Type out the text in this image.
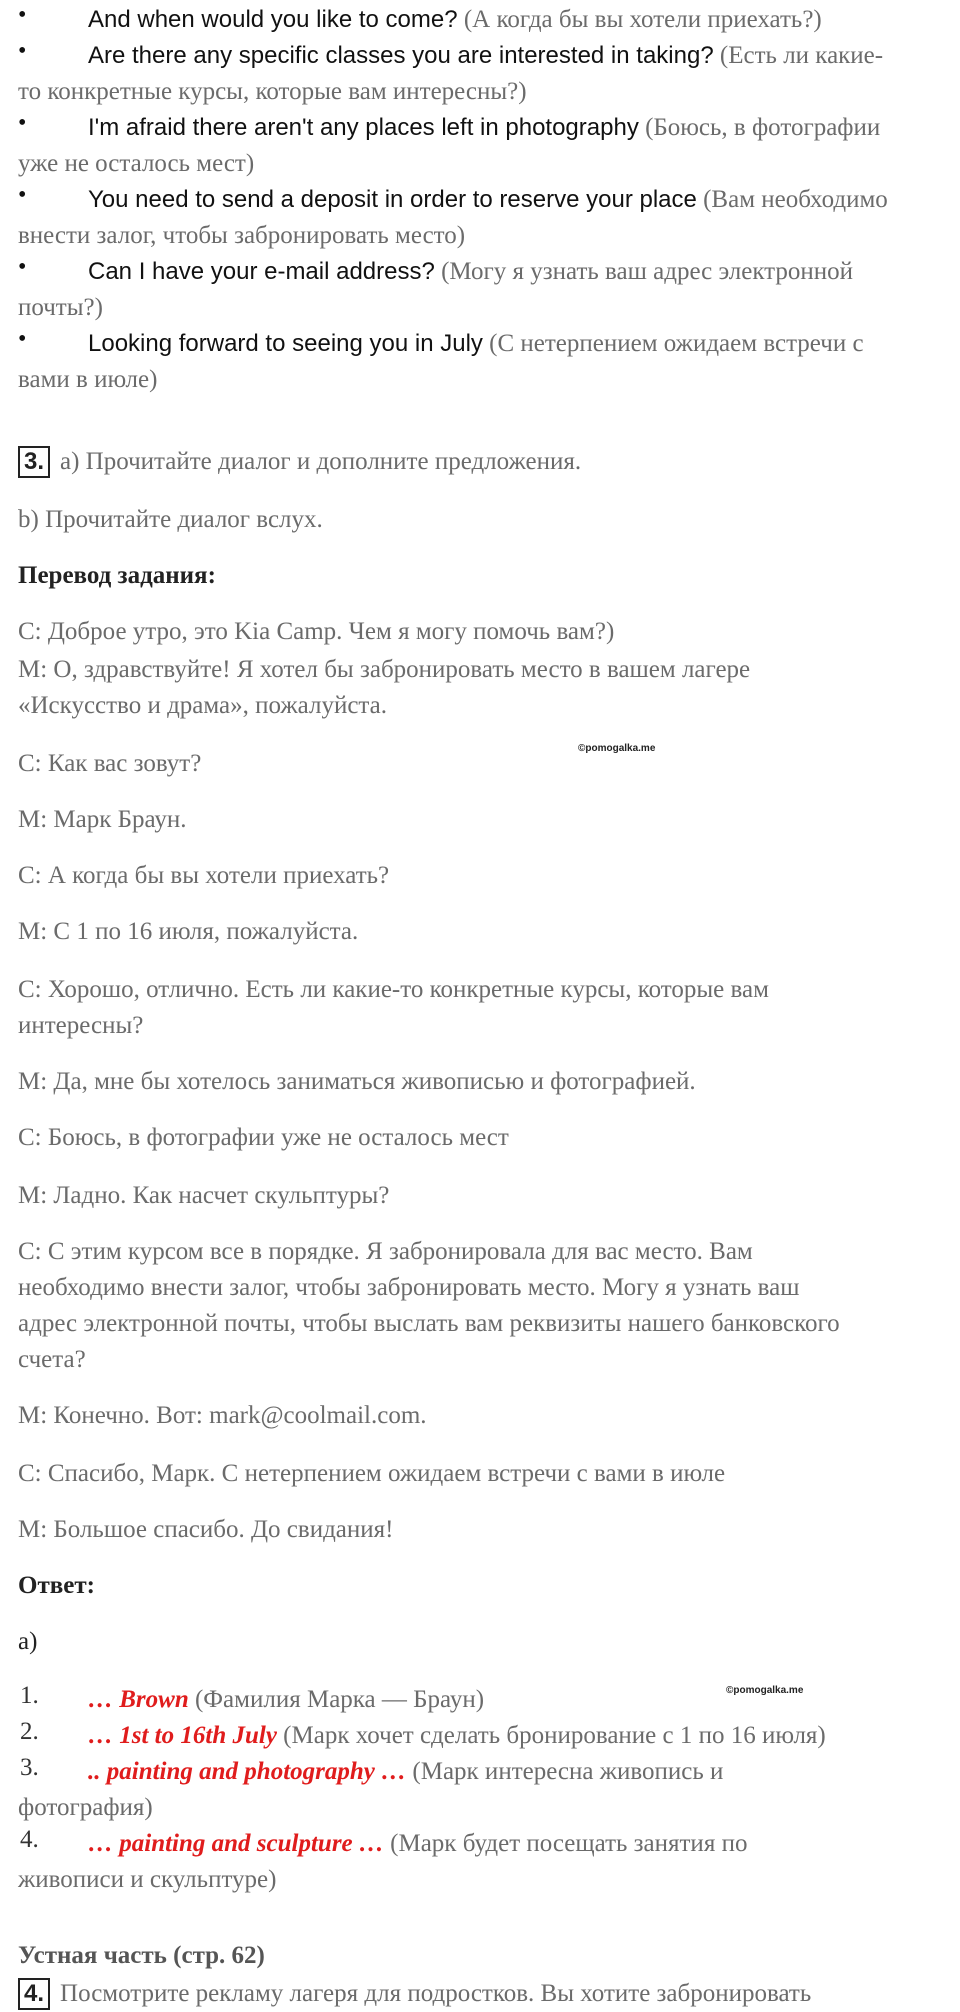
•	And when would you like to come? (А когда бы вы хотели приехать?)
•	Are there any specific classes you are interested in taking? (Есть ли какие-
то конкретные курсы, которые вам интересны?)
•	I'm afraid there aren't any places left in photography (Боюсь, в фотографии
уже не осталось мест)
•	You need to send a deposit in order to reserve your place (Вам необходимо
внести залог, чтобы забронировать место)
•	Can I have your e-mail address? (Могу я узнать ваш адрес электронной
почты?)
•	Looking forward to seeing you in July (С нетерпением ожидаем встречи с
вами в июле)
3. a) Прочитайте диалог и дополните предложения.
b) Прочитайте диалог вслух.
Перевод задания:
C: Доброе утро, это Kia Camp. Чем я могу помочь вам?)
M: О, здравствуйте! Я хотел бы забронировать место в вашем лагере
«Искусство и драма», пожалуйста.
C: Как вас зовут?
©pomogalka.me
M: Марк Браун.
C: А когда бы вы хотели приехать?
M: С 1 по 16 июля, пожалуйста.
C: Хорошо, отлично. Есть ли какие-то конкретные курсы, которые вам
интересны?
M: Да, мне бы хотелось заниматься живописью и фотографией.
C: Боюсь, в фотографии уже не осталось мест
M: Ладно. Как насчет скульптуры?
C: С этим курсом все в порядке. Я забронировала для вас место. Вам
необходимо внести залог, чтобы забронировать место. Могу я узнать ваш
адрес электронной почты, чтобы выслать вам реквизиты нашего банковского
счета?
M: Конечно. Вот: mark@coolmail.com.
C: Спасибо, Марк. С нетерпением ожидаем встречи с вами в июле
M: Большое спасибо. До свидания!
Ответ:
a)
©pomogalka.me
1. … Brown (Фамилия Марка — Браун)
2. … 1st to 16th July (Марк хочет сделать бронирование с 1 по 16 июля)
3. .. painting and photography … (Марк интересна живопись и
фотография)
4. … painting and sculpture … (Марк будет посещать занятия по
живописи и скульптуре)
Устная часть (стр. 62)
4. Посмотрите рекламу лагеря для подростков. Вы хотите забронировать
